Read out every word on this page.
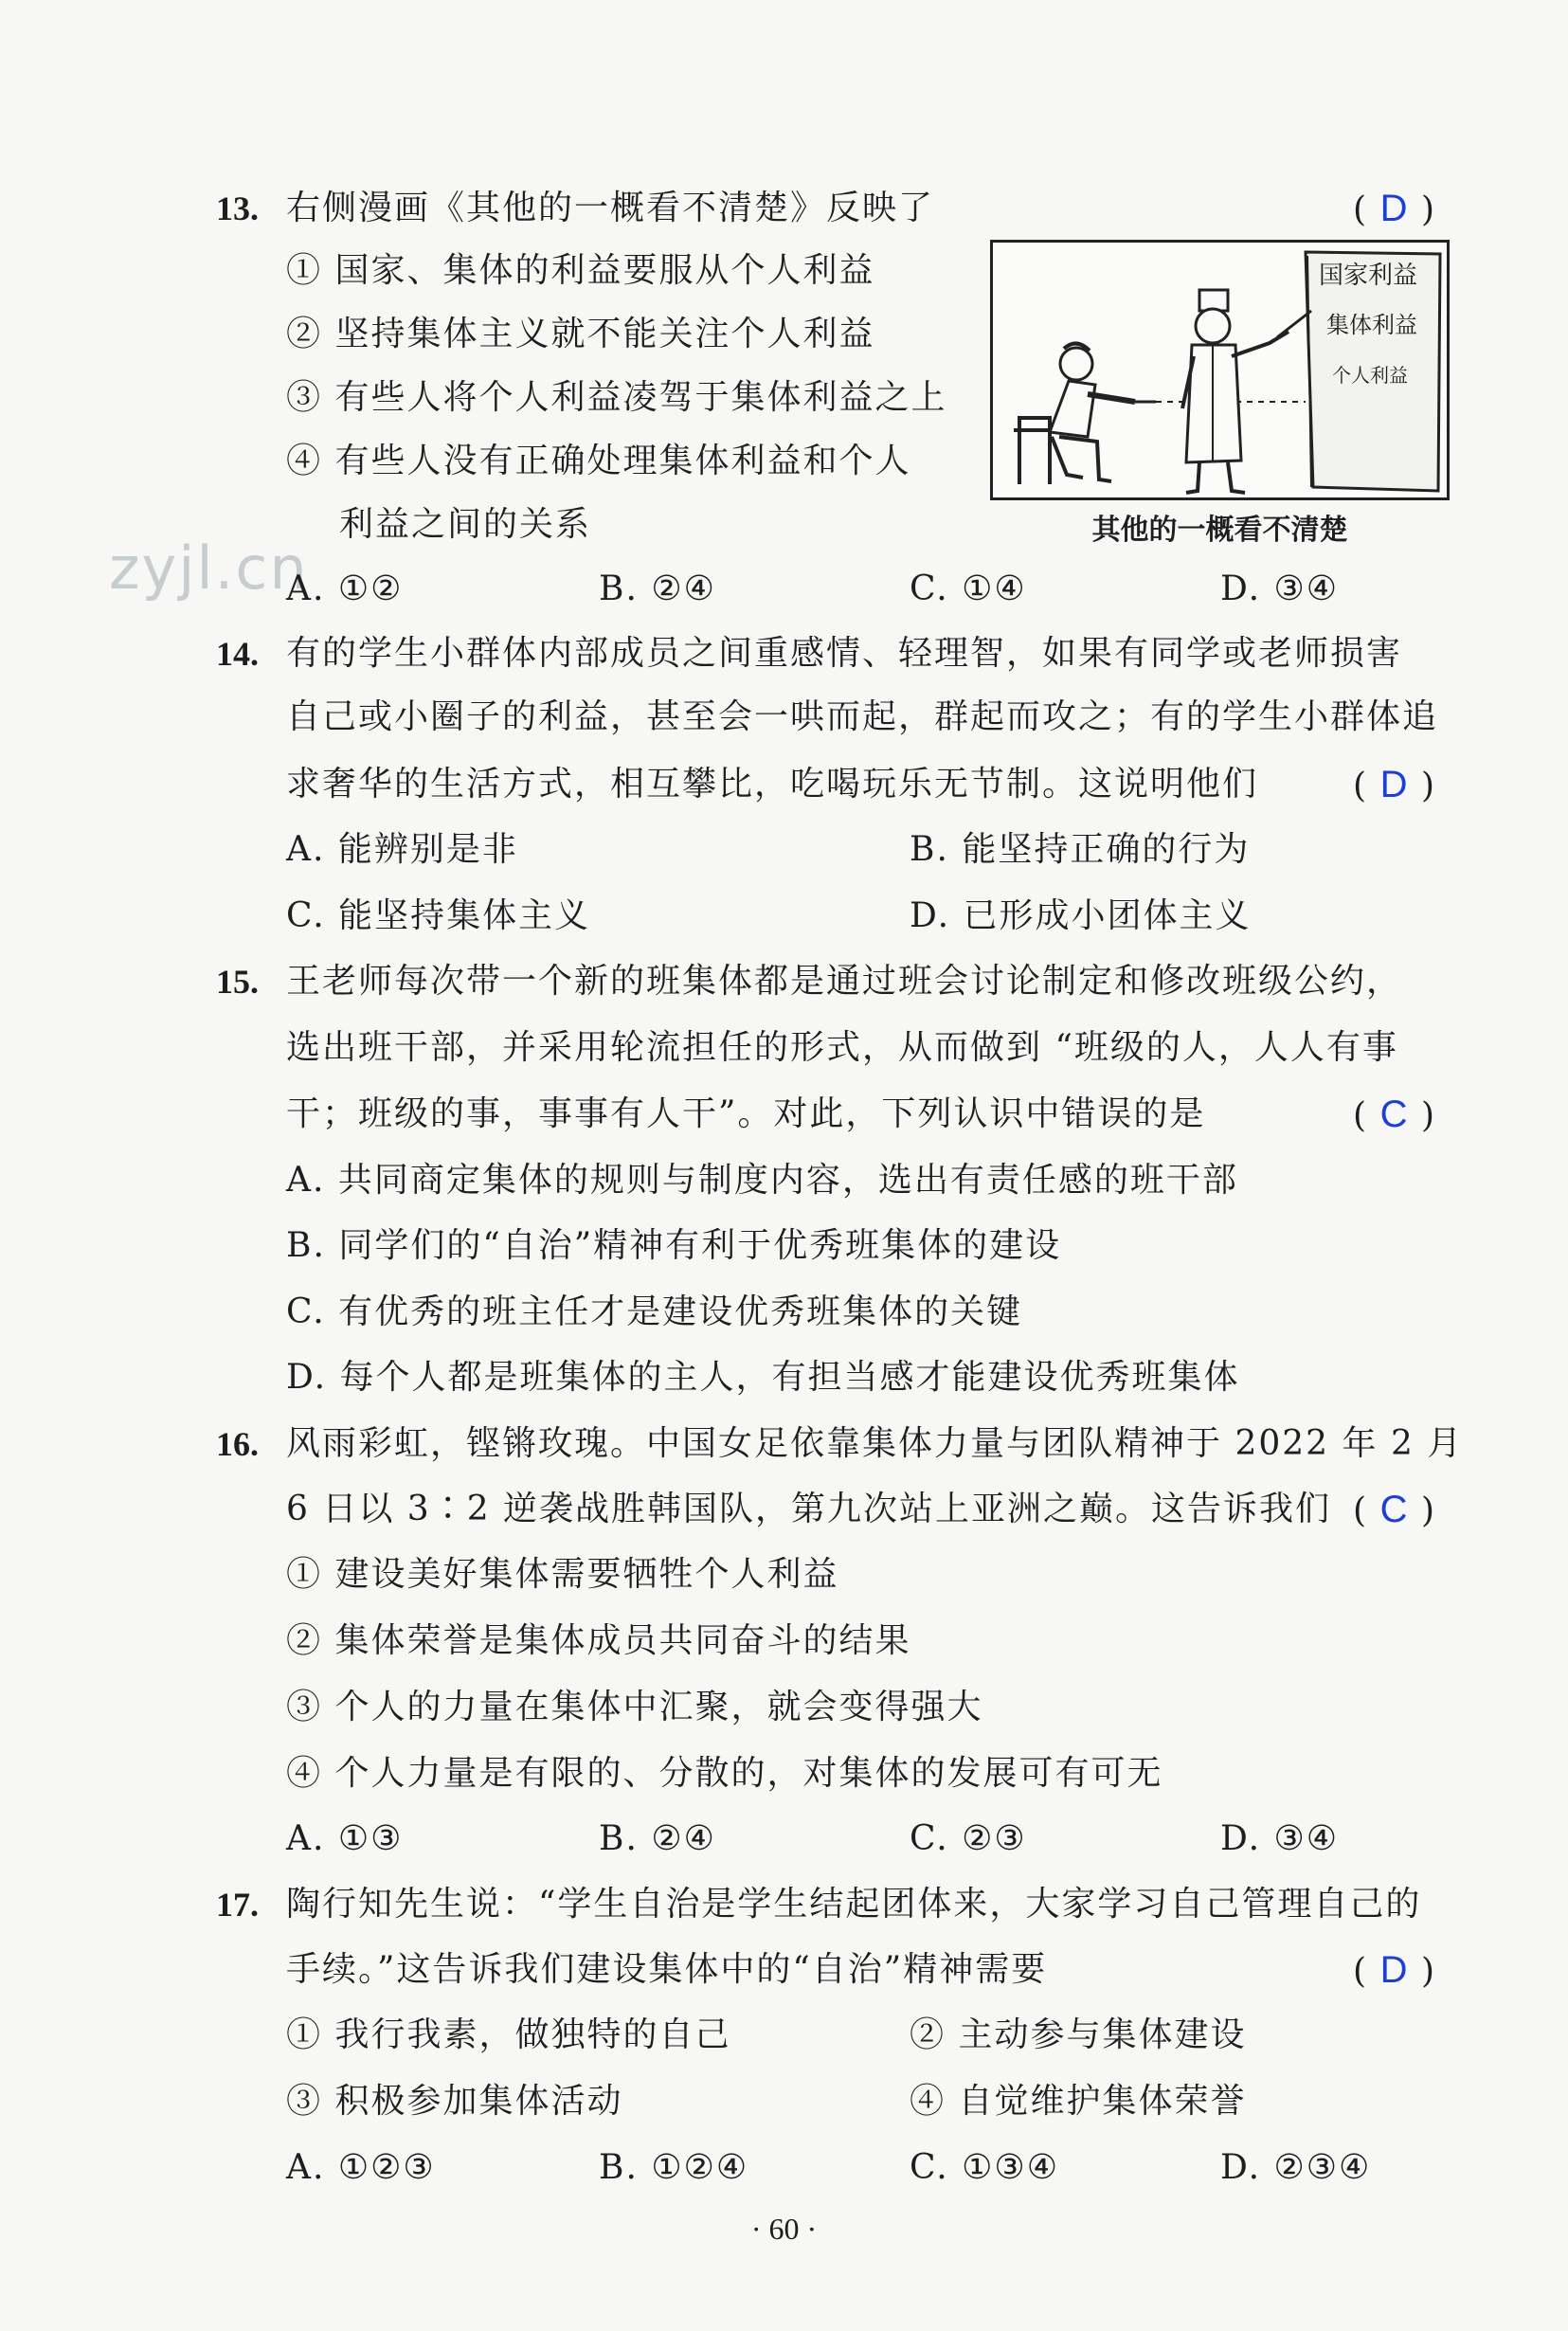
zyjl.cn
13. 右侧漫画《其他的一概看不清楚》反映了	( D )
① 国家、集体的利益要服从个人利益
② 坚持集体主义就不能关注个人利益
③ 有些人将个人利益凌驾于集体利益之上
④ 有些人没有正确处理集体利益和个人
利益之间的关系
A. ①②	B. ②④	C. ①④	D. ③④
国家利益
集体利益
个人利益
其他的一概看不清楚
14. 有的学生小群体内部成员之间重感情、轻理智，如果有同学或老师损害
自己或小圈子的利益，甚至会一哄而起，群起而攻之；有的学生小群体追
求奢华的生活方式，相互攀比，吃喝玩乐无节制。这说明他们	( D )
A. 能辨别是非	B. 能坚持正确的行为
C. 能坚持集体主义	D. 已形成小团体主义
15. 王老师每次带一个新的班集体都是通过班会讨论制定和修改班级公约，
选出班干部，并采用轮流担任的形式，从而做到 “班级的人，人人有事
干；班级的事，事事有人干”。对此，下列认识中错误的是	( C )
A. 共同商定集体的规则与制度内容，选出有责任感的班干部
B. 同学们的“自治”精神有利于优秀班集体的建设
C. 有优秀的班主任才是建设优秀班集体的关键
D. 每个人都是班集体的主人，有担当感才能建设优秀班集体
16. 风雨彩虹，铿锵玫瑰。中国女足依靠集体力量与团队精神于 2022 年 2 月
6 日以 3∶2 逆袭战胜韩国队，第九次站上亚洲之巅。这告诉我们 ( C )
① 建设美好集体需要牺牲个人利益
② 集体荣誉是集体成员共同奋斗的结果
③ 个人的力量在集体中汇聚，就会变得强大
④ 个人力量是有限的、分散的，对集体的发展可有可无
A. ①③	B. ②④	C. ②③	D. ③④
17. 陶行知先生说：“学生自治是学生结起团体来，大家学习自己管理自己的
手续。”这告诉我们建设集体中的“自治”精神需要	( D )
① 我行我素，做独特的自己	② 主动参与集体建设
③ 积极参加集体活动	④ 自觉维护集体荣誉
A. ①②③	B. ①②④	C. ①③④	D. ②③④
· 60 ·
